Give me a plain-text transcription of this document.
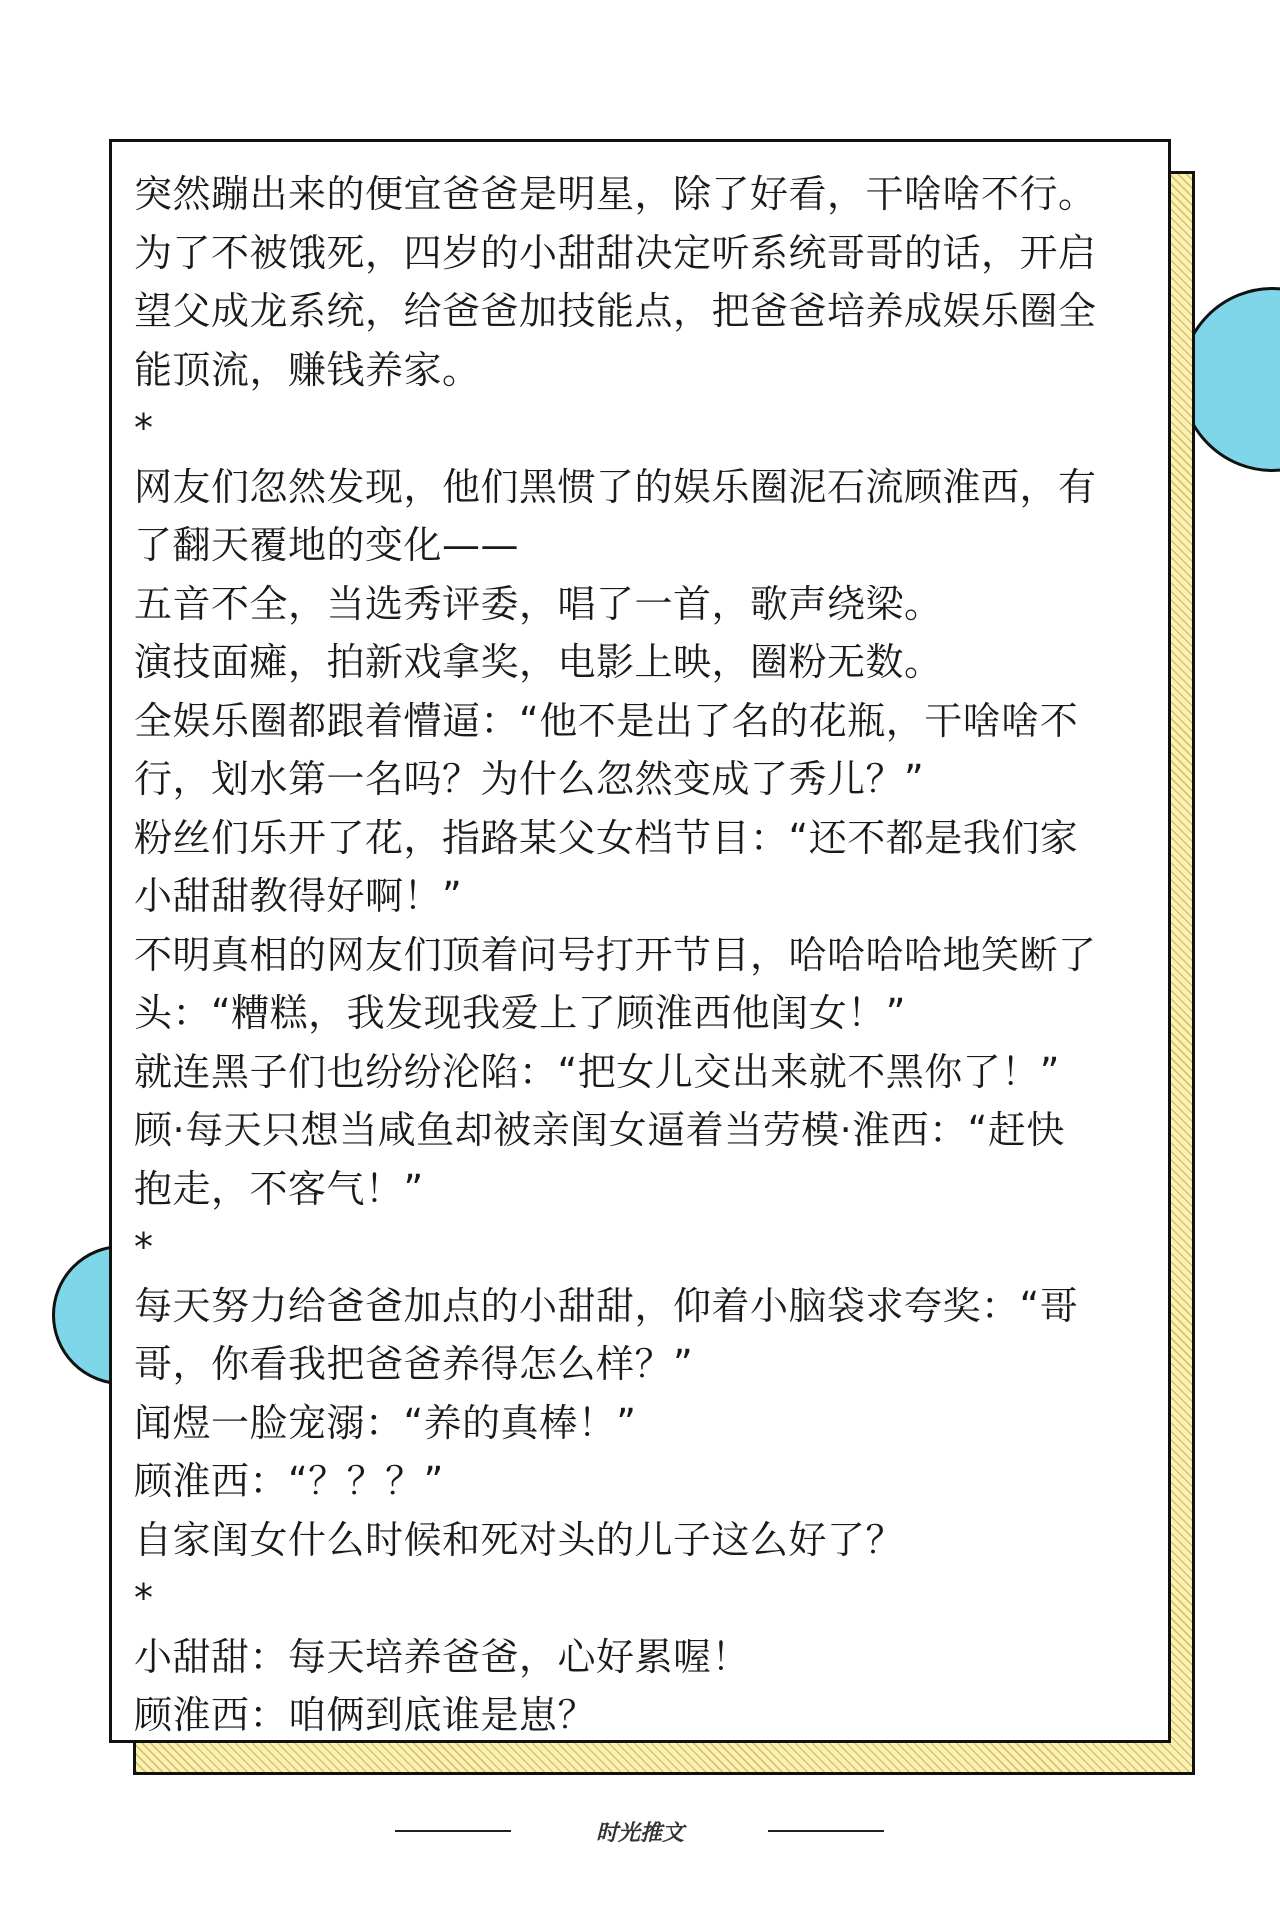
突然蹦出来的便宜爸爸是明星，除了好看，干啥啥不行。
为了不被饿死，四岁的小甜甜决定听系统哥哥的话，开启
望父成龙系统，给爸爸加技能点，把爸爸培养成娱乐圈全
能顶流，赚钱养家。
*
网友们忽然发现，他们黑惯了的娱乐圈泥石流顾淮西，有
了翻天覆地的变化——
五音不全，当选秀评委，唱了一首，歌声绕梁。
演技面瘫，拍新戏拿奖，电影上映，圈粉无数。
全娱乐圈都跟着懵逼：“他不是出了名的花瓶，干啥啥不
行，划水第一名吗？为什么忽然变成了秀儿？”
粉丝们乐开了花，指路某父女档节目：“还不都是我们家
小甜甜教得好啊！”
不明真相的网友们顶着问号打开节目，哈哈哈哈地笑断了
头：“糟糕，我发现我爱上了顾淮西他闺女！”
就连黑子们也纷纷沦陷：“把女儿交出来就不黑你了！”
顾·每天只想当咸鱼却被亲闺女逼着当劳模·淮西：“赶快
抱走，不客气！”
*
每天努力给爸爸加点的小甜甜，仰着小脑袋求夸奖：“哥
哥，你看我把爸爸养得怎么样？”
闻煜一脸宠溺：“养的真棒！”
顾淮西：“？？？”
自家闺女什么时候和死对头的儿子这么好了？
*
小甜甜：每天培养爸爸，心好累喔！
顾淮西：咱俩到底谁是崽？
时光推文
